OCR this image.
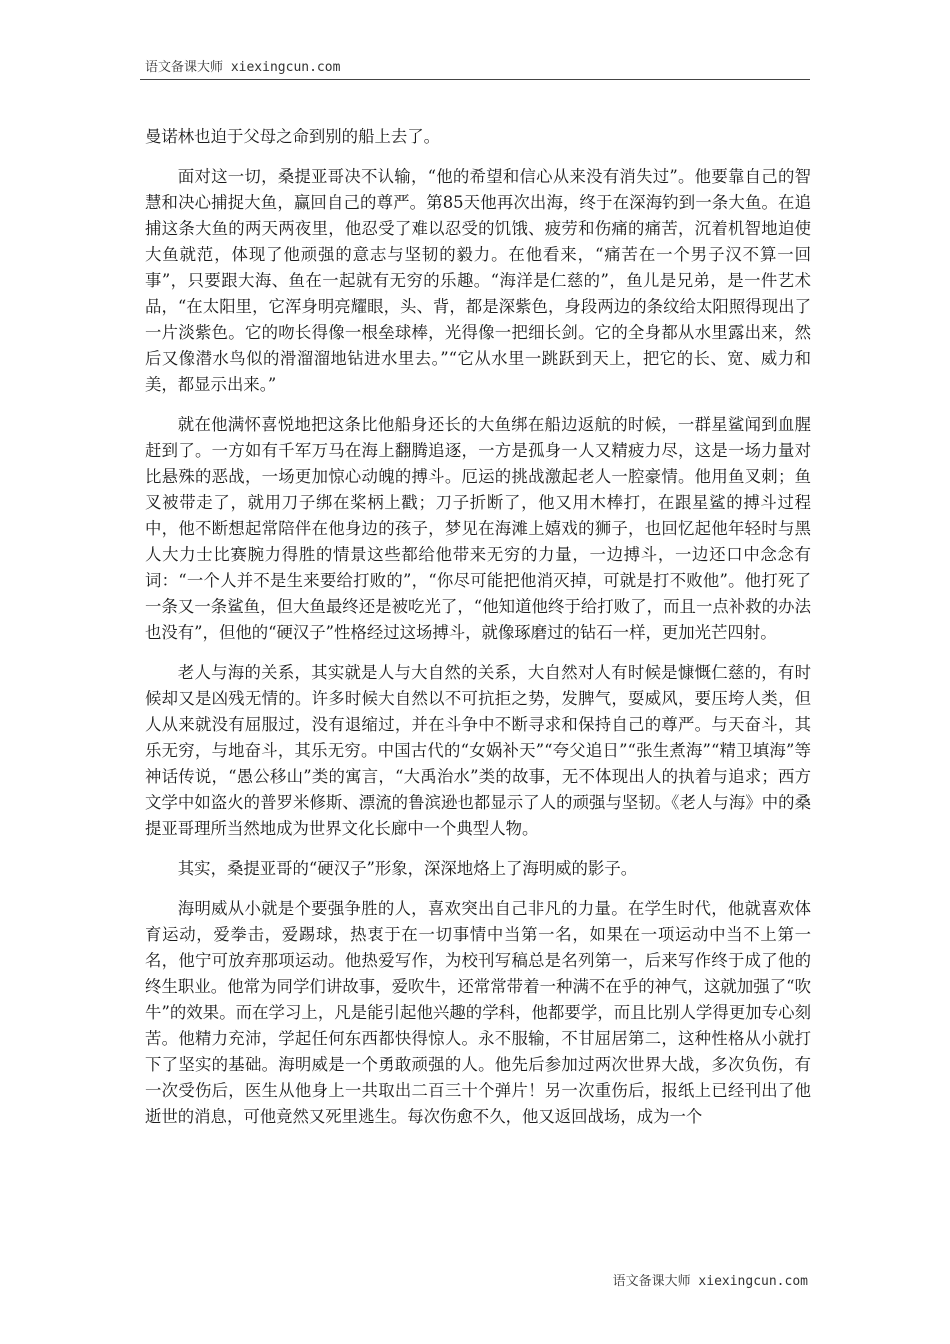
语文备课大师 xiexingcun.com

曼诺林也迫于父母之命到别的船上去了。

面对这一切，桑提亚哥决不认输，“他的希望和信心从来没有消失过”。他要靠自己的智慧和决心捕捉大鱼，赢回自己的尊严。第85天他再次出海，终于在深海钓到一条大鱼。在追捕这条大鱼的两天两夜里，他忍受了难以忍受的饥饿、疲劳和伤痛的痛苦，沉着机智地迫使大鱼就范，体现了他顽强的意志与坚韧的毅力。在他看来，“痛苦在一个男子汉不算一回事”，只要跟大海、鱼在一起就有无穷的乐趣。“海洋是仁慈的”，鱼儿是兄弟，是一件艺术品，“在太阳里，它浑身明亮耀眼，头、背，都是深紫色，身段两边的条纹给太阳照得现出了一片淡紫色。它的吻长得像一根垒球棒，光得像一把细长剑。它的全身都从水里露出来，然后又像潜水鸟似的滑溜溜地钻进水里去。”“它从水里一跳跃到天上，把它的长、宽、威力和美，都显示出来。”

就在他满怀喜悦地把这条比他船身还长的大鱼绑在船边返航的时候，一群星鲨闻到血腥赶到了。一方如有千军万马在海上翻腾追逐，一方是孤身一人又精疲力尽，这是一场力量对比悬殊的恶战，一场更加惊心动魄的搏斗。厄运的挑战激起老人一腔豪情。他用鱼叉刺；鱼叉被带走了，就用刀子绑在桨柄上戳；刀子折断了，他又用木棒打，在跟星鲨的搏斗过程中，他不断想起常陪伴在他身边的孩子，梦见在海滩上嬉戏的狮子，也回忆起他年轻时与黑人大力士比赛腕力得胜的情景这些都给他带来无穷的力量，一边搏斗，一边还口中念念有词：“一个人并不是生来要给打败的”，“你尽可能把他消灭掉，可就是打不败他”。他打死了一条又一条鲨鱼，但大鱼最终还是被吃光了，“他知道他终于给打败了，而且一点补救的办法也没有”，但他的“硬汉子”性格经过这场搏斗，就像琢磨过的钻石一样，更加光芒四射。

老人与海的关系，其实就是人与大自然的关系，大自然对人有时候是慷慨仁慈的，有时候却又是凶残无情的。许多时候大自然以不可抗拒之势，发脾气，耍威风，要压垮人类，但人从来就没有屈服过，没有退缩过，并在斗争中不断寻求和保持自己的尊严。与天奋斗，其乐无穷，与地奋斗，其乐无穷。中国古代的“女娲补天”“夸父追日”“张生煮海”“精卫填海”等神话传说，“愚公移山”类的寓言，“大禹治水”类的故事，无不体现出人的执着与追求；西方文学中如盗火的普罗米修斯、漂流的鲁滨逊也都显示了人的顽强与坚韧。《老人与海》中的桑提亚哥理所当然地成为世界文化长廊中一个典型人物。

其实，桑提亚哥的“硬汉子”形象，深深地烙上了海明威的影子。

海明威从小就是个要强争胜的人，喜欢突出自己非凡的力量。在学生时代，他就喜欢体育运动，爱拳击，爱踢球，热衷于在一切事情中当第一名，如果在一项运动中当不上第一名，他宁可放弃那项运动。他热爱写作，为校刊写稿总是名列第一，后来写作终于成了他的终生职业。他常为同学们讲故事，爱吹牛，还常常带着一种满不在乎的神气，这就加强了“吹牛”的效果。而在学习上，凡是能引起他兴趣的学科，他都要学，而且比别人学得更加专心刻苦。他精力充沛，学起任何东西都快得惊人。永不服输，不甘屈居第二，这种性格从小就打下了坚实的基础。海明威是一个勇敢顽强的人。他先后参加过两次世界大战，多次负伤，有一次受伤后，医生从他身上一共取出二百三十个弹片！另一次重伤后，报纸上已经刊出了他逝世的消息，可他竟然又死里逃生。每次伤愈不久，他又返回战场，成为一个

语文备课大师 xiexingcun.com
